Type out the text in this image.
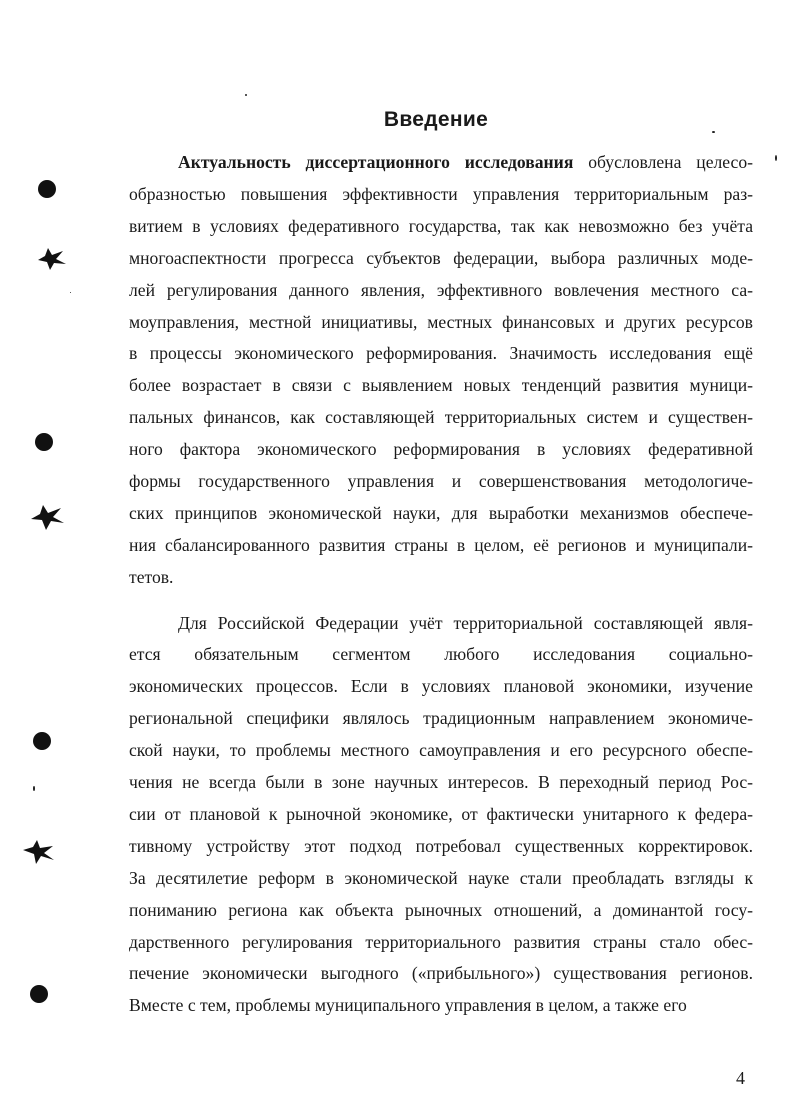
Введение
Актуальность диссертационного исследования обусловлена целесо-
образностью повышения эффективности управления территориальным раз-
витием в условиях федеративного государства, так как невозможно без учёта
многоаспектности прогресса субъектов федерации, выбора различных моде-
лей регулирования данного явления, эффективного вовлечения местного са-
моуправления, местной инициативы, местных финансовых и других ресурсов
в процессы экономического реформирования. Значимость исследования ещё
более возрастает в связи с выявлением новых тенденций развития муници-
пальных финансов, как составляющей территориальных систем и существен-
ного фактора экономического реформирования в условиях федеративной
формы государственного управления и совершенствования методологиче-
ских принципов экономической науки, для выработки механизмов обеспече-
ния сбалансированного развития страны в целом, её регионов и муниципали-
тетов.
Для Российской Федерации учёт территориальной составляющей явля-
ется обязательным сегментом любого исследования социально-
экономических процессов. Если в условиях плановой экономики, изучение
региональной специфики являлось традиционным направлением экономиче-
ской науки, то проблемы местного самоуправления и его ресурсного обеспе-
чения не всегда были в зоне научных интересов. В переходный период Рос-
сии от плановой к рыночной экономике, от фактически унитарного к федера-
тивному устройству этот подход потребовал существенных корректировок.
За десятилетие реформ в экономической науке стали преобладать взгляды к
пониманию региона как объекта рыночных отношений, а доминантой госу-
дарственного регулирования территориального развития страны стало обес-
печение экономически выгодного («прибыльного») существования регионов.
Вместе с тем, проблемы муниципального управления в целом, а также его
4
